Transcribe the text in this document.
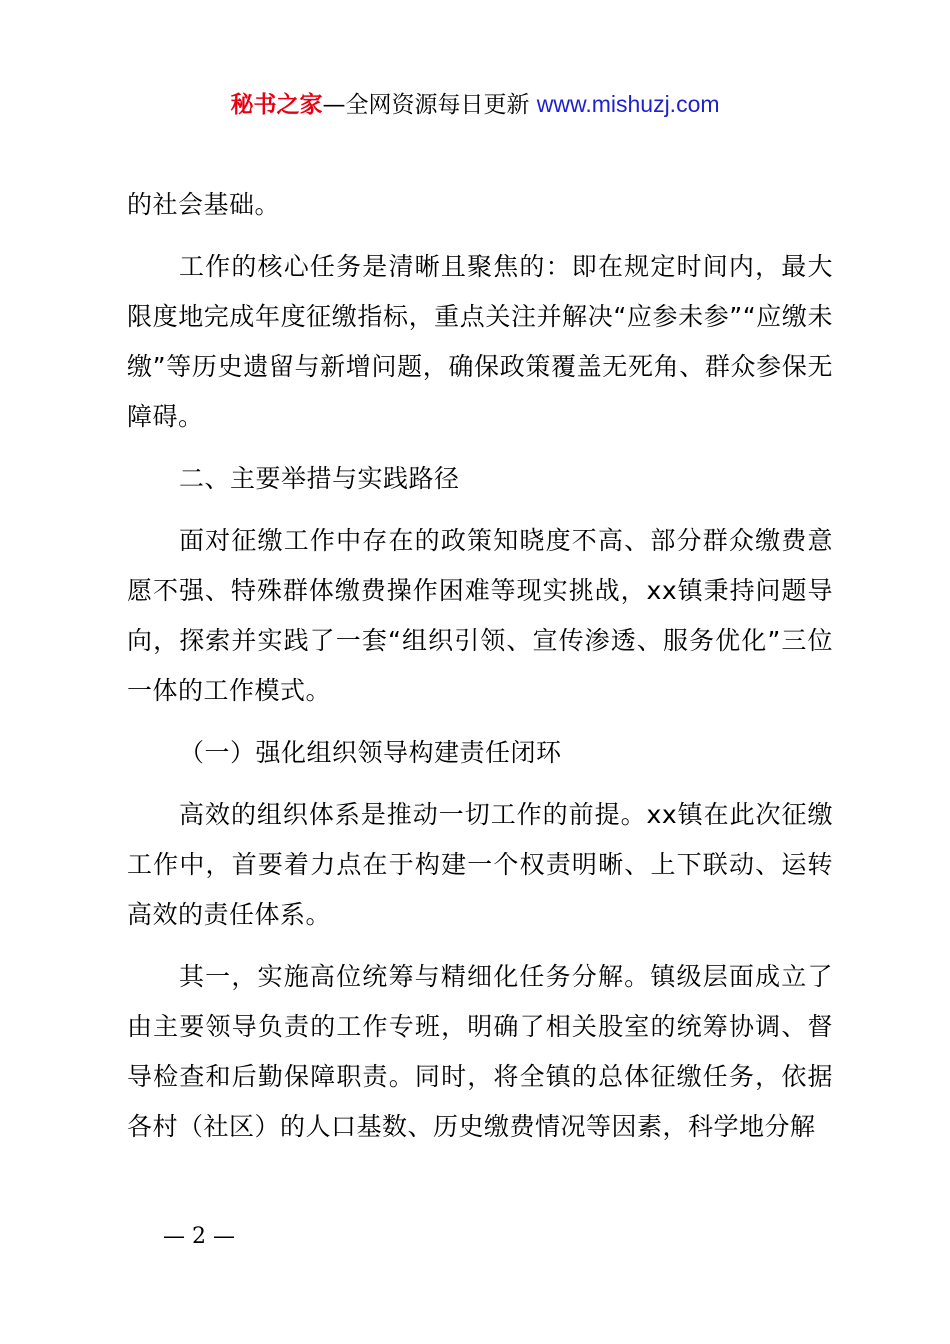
秘书之家—全网资源每日更新 www.mishuzj.com

的社会基础。

工作的核心任务是清晰且聚焦的：即在规定时间内，最大限度地完成年度征缴指标，重点关注并解决“应参未参”“应缴未缴”等历史遗留与新增问题，确保政策覆盖无死角、群众参保无障碍。

二、主要举措与实践路径

面对征缴工作中存在的政策知晓度不高、部分群众缴费意愿不强、特殊群体缴费操作困难等现实挑战，xx镇秉持问题导向，探索并实践了一套“组织引领、宣传渗透、服务优化”三位一体的工作模式。

（一）强化组织领导构建责任闭环

高效的组织体系是推动一切工作的前提。xx镇在此次征缴工作中，首要着力点在于构建一个权责明晰、上下联动、运转高效的责任体系。

其一，实施高位统筹与精细化任务分解。镇级层面成立了由主要领导负责的工作专班，明确了相关股室的统筹协调、督导检查和后勤保障职责。同时，将全镇的总体征缴任务，依据各村（社区）的人口基数、历史缴费情况等因素，科学地分解

— 2 —
